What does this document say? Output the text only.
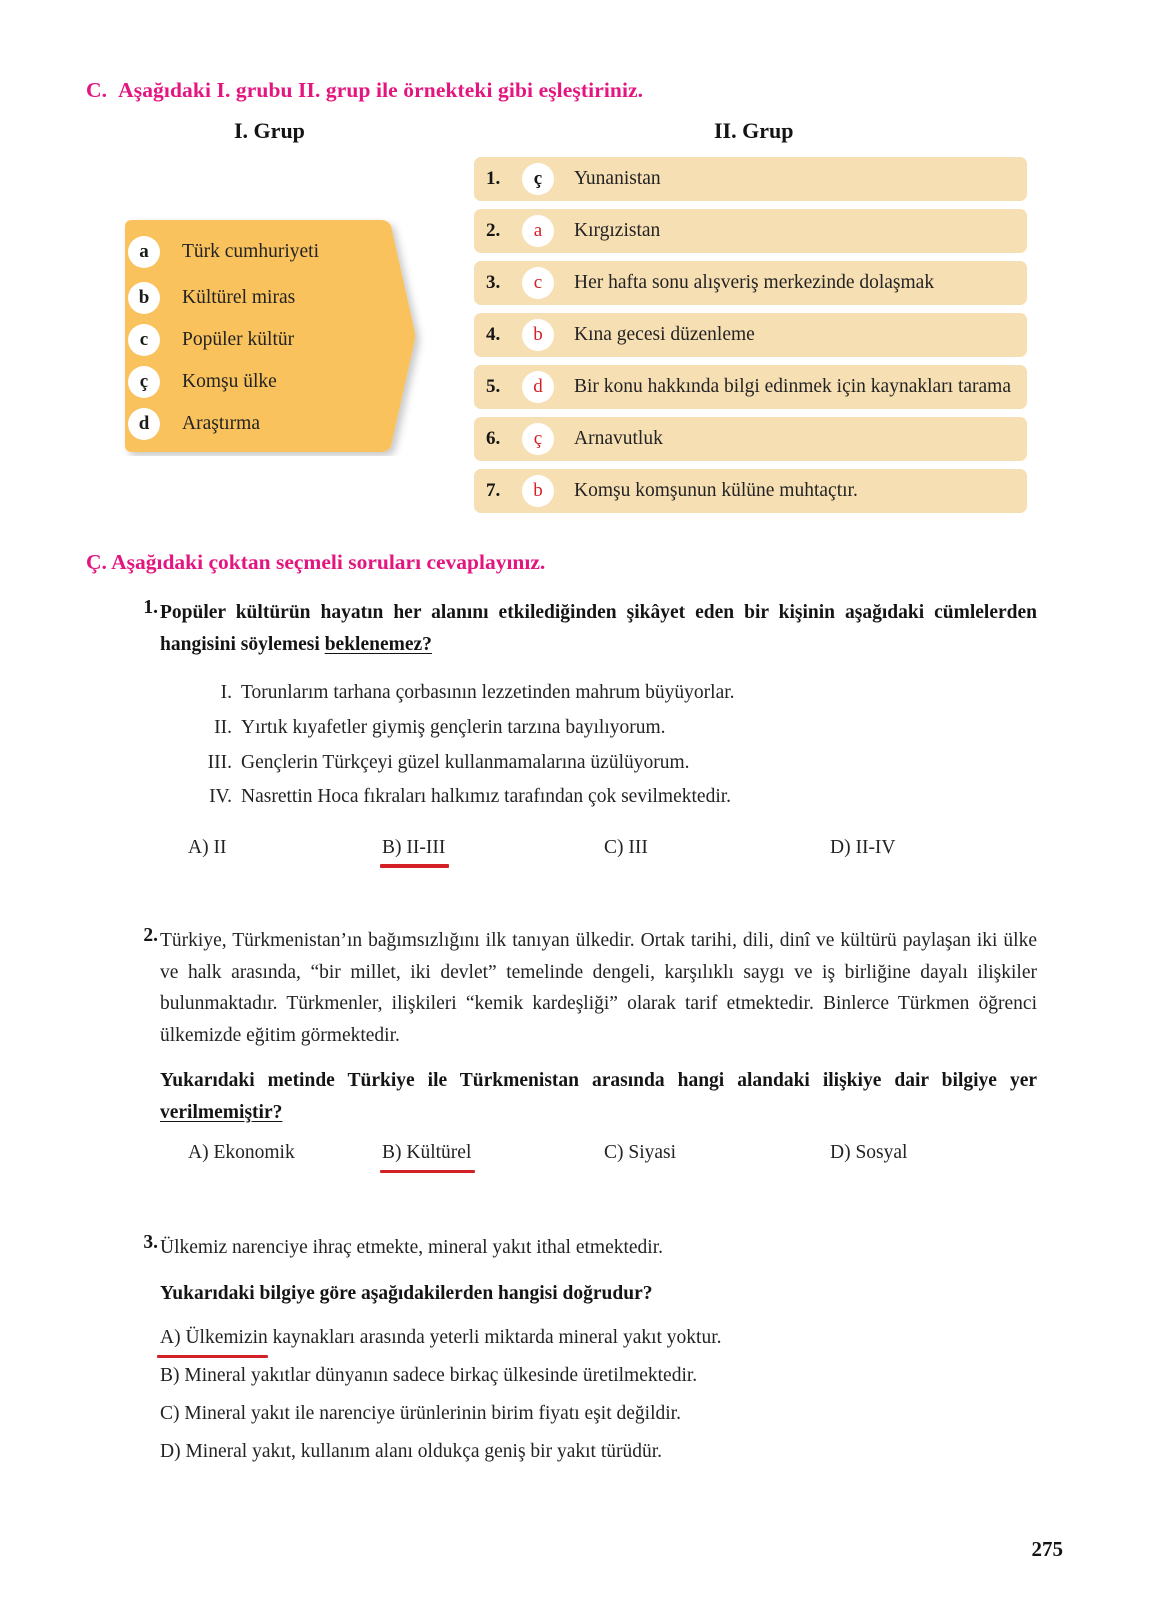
C. Aşağıdaki I. grubu II. grup ile örnekteki gibi eşleştiriniz.
I. Grup	II. Grup
a	Türk cumhuriyeti
b	Kültürel miras
c	Popüler kültür
ç	Komşu ülke
d	Araştırma
1.	ç	Yunanistan
2.	a	Kırgızistan
3.	c	Her hafta sonu alışveriş merkezinde dolaşmak
4.	b	Kına gecesi düzenleme
5.	d	Bir konu hakkında bilgi edinmek için kaynakları tarama
6.	ç	Arnavutluk
7.	b	Komşu komşunun külüne muhtaçtır.
Ç. Aşağıdaki çoktan seçmeli soruları cevaplayınız.
1. Popüler kültürün hayatın her alanını etkilediğinden şikâyet eden bir kişinin aşağıdaki cümlelerden hangisini söylemesi beklenemez?
I. Torunlarım tarhana çorbasının lezzetinden mahrum büyüyorlar.
II. Yırtık kıyafetler giymiş gençlerin tarzına bayılıyorum.
III. Gençlerin Türkçeyi güzel kullanmamalarına üzülüyorum.
IV. Nasrettin Hoca fıkraları halkımız tarafından çok sevilmektedir.
A) II	B) II-III	C) III	D) II-IV
2. Türkiye, Türkmenistan’ın bağımsızlığını ilk tanıyan ülkedir. Ortak tarihi, dili, dinî ve kültürü paylaşan iki ülke ve halk arasında, “bir millet, iki devlet” temelinde dengeli, karşılıklı saygı ve iş birliğine dayalı ilişkiler bulunmaktadır. Türkmenler, ilişkileri “kemik kardeşliği” olarak tarif etmektedir. Binlerce Türkmen öğrenci ülkemizde eğitim görmektedir.
Yukarıdaki metinde Türkiye ile Türkmenistan arasında hangi alandaki ilişkiye dair bilgiye yer verilmemiştir?
A) Ekonomik	B) Kültürel	C) Siyasi	D) Sosyal
3. Ülkemiz narenciye ihraç etmekte, mineral yakıt ithal etmektedir.
Yukarıdaki bilgiye göre aşağıdakilerden hangisi doğrudur?
A) Ülkemizin kaynakları arasında yeterli miktarda mineral yakıt yoktur.
B) Mineral yakıtlar dünyanın sadece birkaç ülkesinde üretilmektedir.
C) Mineral yakıt ile narenciye ürünlerinin birim fiyatı eşit değildir.
D) Mineral yakıt, kullanım alanı oldukça geniş bir yakıt türüdür.
275
